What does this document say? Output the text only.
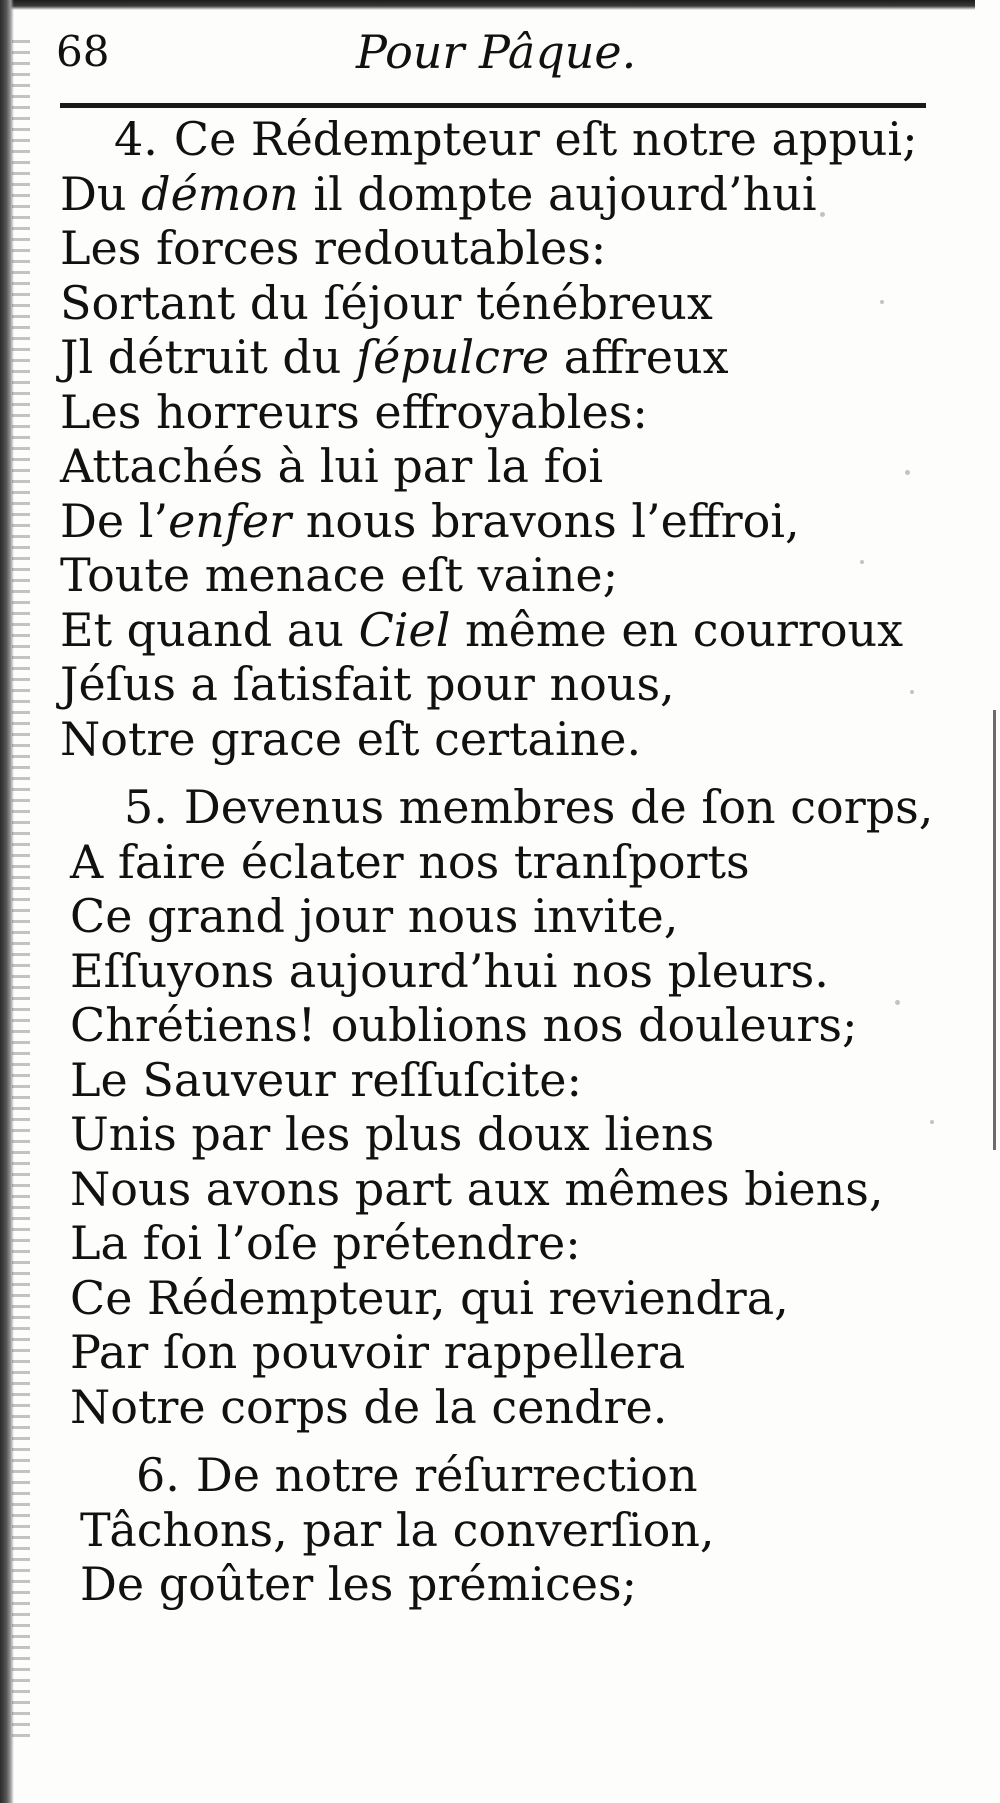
68	Pour Pâque.
4. Ce Rédempteur eſt notre appui;
Du démon il dompte aujourd’hui
Les forces redoutables:
Sortant du ſéjour ténébreux
Jl détruit du ſépulcre affreux
Les horreurs effroyables:
Attachés à lui par la foi
De l’enfer nous bravons l’effroi,
Toute menace eſt vaine;
Et quand au Ciel même en courroux
Jéſus a ſatisfait pour nous,
Notre grace eſt certaine.
5. Devenus membres de ſon corps,
A faire éclater nos tranſports
Ce grand jour nous invite,
Eſſuyons aujourd’hui nos pleurs.
Chrétiens! oublions nos douleurs;
Le Sauveur reſſuſcite:
Unis par les plus doux liens
Nous avons part aux mêmes biens,
La foi l’oſe prétendre:
Ce Rédempteur, qui reviendra,
Par ſon pouvoir rappellera
Notre corps de la cendre.
6. De notre réſurrection
Tâchons, par la converſion,
De goûter les prémices;
